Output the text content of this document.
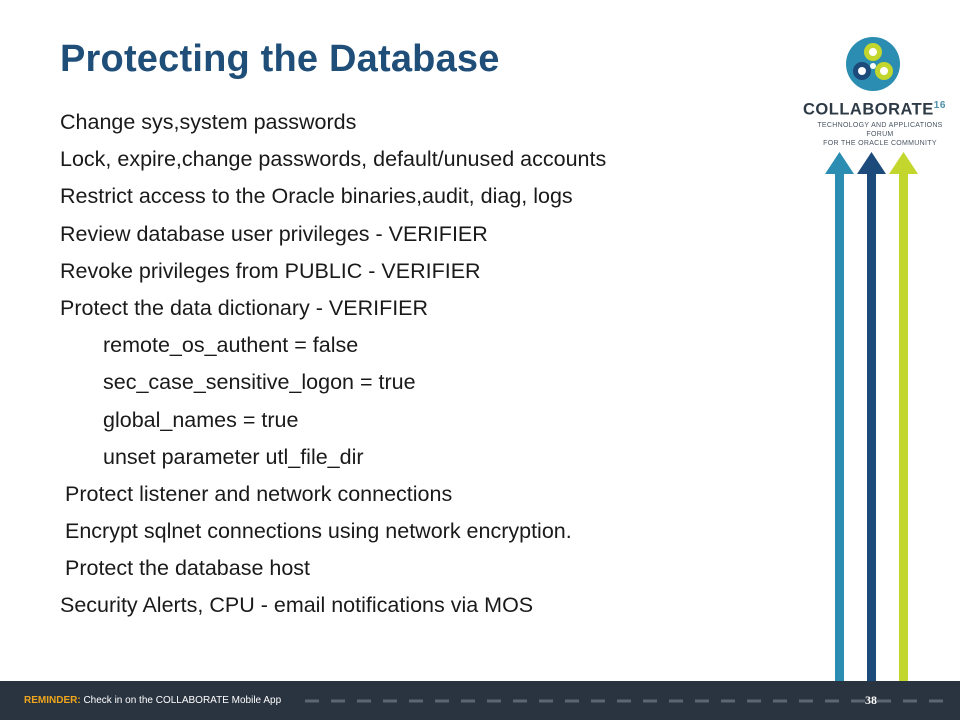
Protecting the Database
Change sys,system passwords
Lock, expire,change passwords, default/unused accounts
Restrict access to the Oracle binaries,audit, diag, logs
Review database user privileges - VERIFIER
Revoke privileges from PUBLIC - VERIFIER
Protect the data dictionary - VERIFIER
remote_os_authent = false
sec_case_sensitive_logon = true
global_names = true
unset parameter utl_file_dir
Protect listener and network connections
Encrypt sqlnet connections using network encryption.
Protect the database host
Security Alerts, CPU - email notifications via MOS
COLLABORATE$^{16}$
TECHNOLOGY AND APPLICATIONS FORUM
FOR THE ORACLE COMMUNITY
REMINDER: Check in on the COLLABORATE Mobile App	38
